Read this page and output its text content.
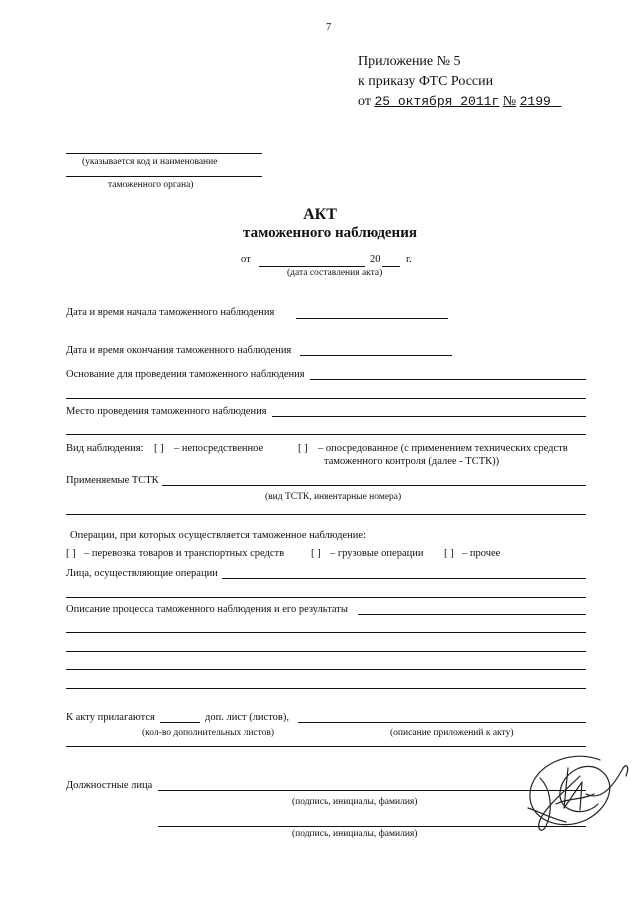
7
Приложение № 5
к приказу ФТС России
от 25 октября 2011г № 2199
(указывается код и наименование
таможенного органа)
АКТ
таможенного наблюдения
от	20 г.
(дата составления акта)
Дата и время начала таможенного наблюдения
Дата и время окончания таможенного наблюдения
Основание для проведения таможенного наблюдения
Место проведения таможенного наблюдения
Вид наблюдения: [ ] – непосредственное	[ ] – опосредованное (с применением технических средств
таможенного контроля (далее - ТСТК))
Применяемые ТСТК
(вид ТСТК, инвентарные номера)
Операции, при которых осуществляется таможенное наблюдение:
[ ] – перевозка товаров и транспортных средств	[ ] – грузовые операции [ ] – прочее
Лица, осуществляющие операции
Описание процесса таможенного наблюдения и его результаты
К акту прилагаются	доп. лист (листов),
(кол-во дополнительных листов)	(описание приложений к акту)
Должностные лица
(подпись, инициалы, фамилия)
(подпись, инициалы, фамилия)
